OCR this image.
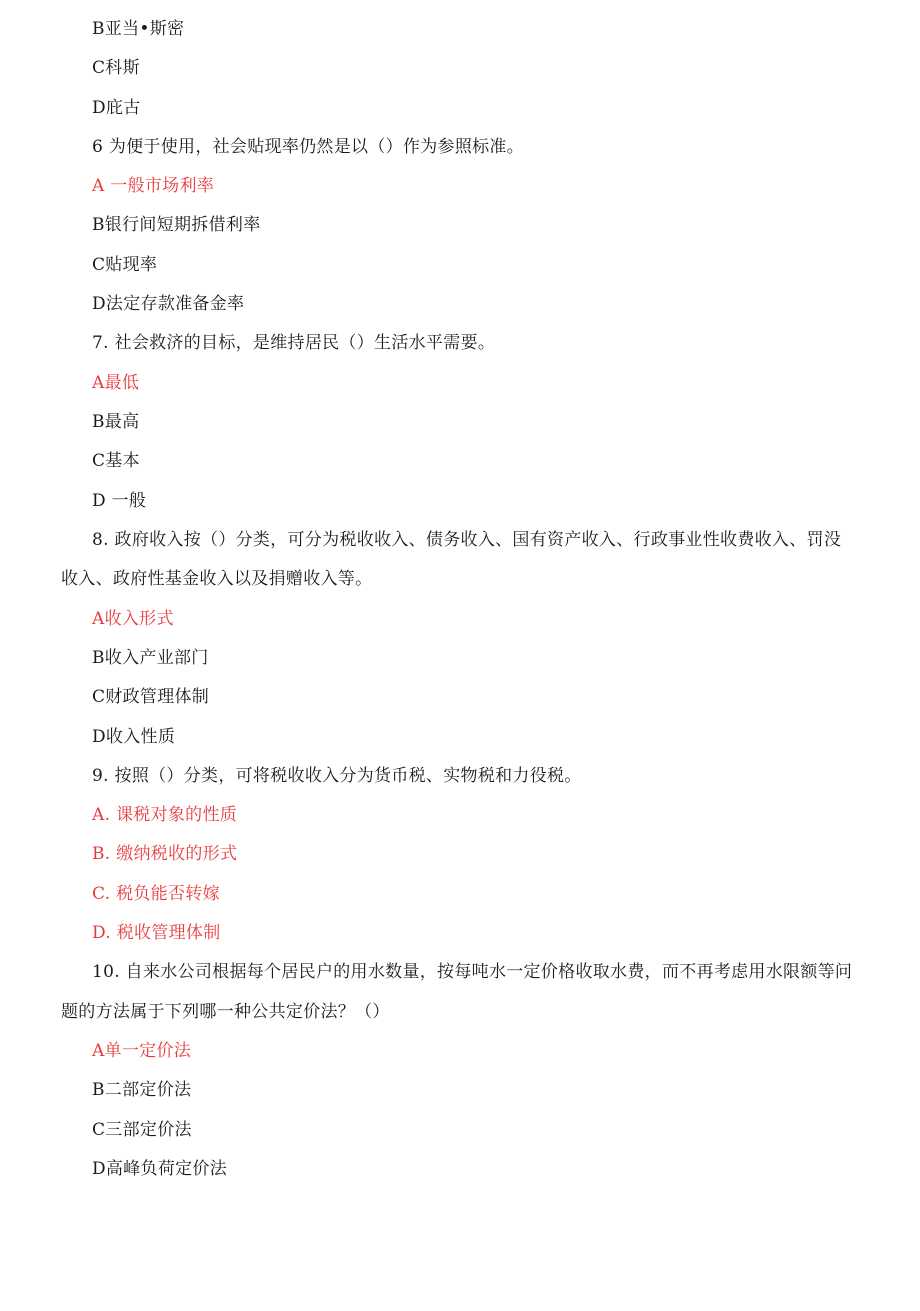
B亚当•斯密
C科斯
D庇古
6 为便于使用，社会贴现率仍然是以（）作为参照标准。
A 一般市场利率
B银行间短期拆借利率
C贴现率
D法定存款准备金率
7. 社会救济的目标，是维持居民（）生活水平需要。
A最低
B最高
C基本
D 一般
8. 政府收入按（）分类，可分为税收收入、债务收入、国有资产收入、行政事业性收费收入、罚没
收入、政府性基金收入以及捐赠收入等。
A收入形式
B收入产业部门
C财政管理体制
D收入性质
9. 按照（）分类，可将税收收入分为货币税、实物税和力役税。
A. 课税对象的性质
B. 缴纳税收的形式
C. 税负能否转嫁
D. 税收管理体制
10. 自来水公司根据每个居民户的用水数量，按每吨水一定价格收取水费，而不再考虑用水限额等问
题的方法属于下列哪一种公共定价法？（）
A单一定价法
B二部定价法
C三部定价法
D高峰负荷定价法
